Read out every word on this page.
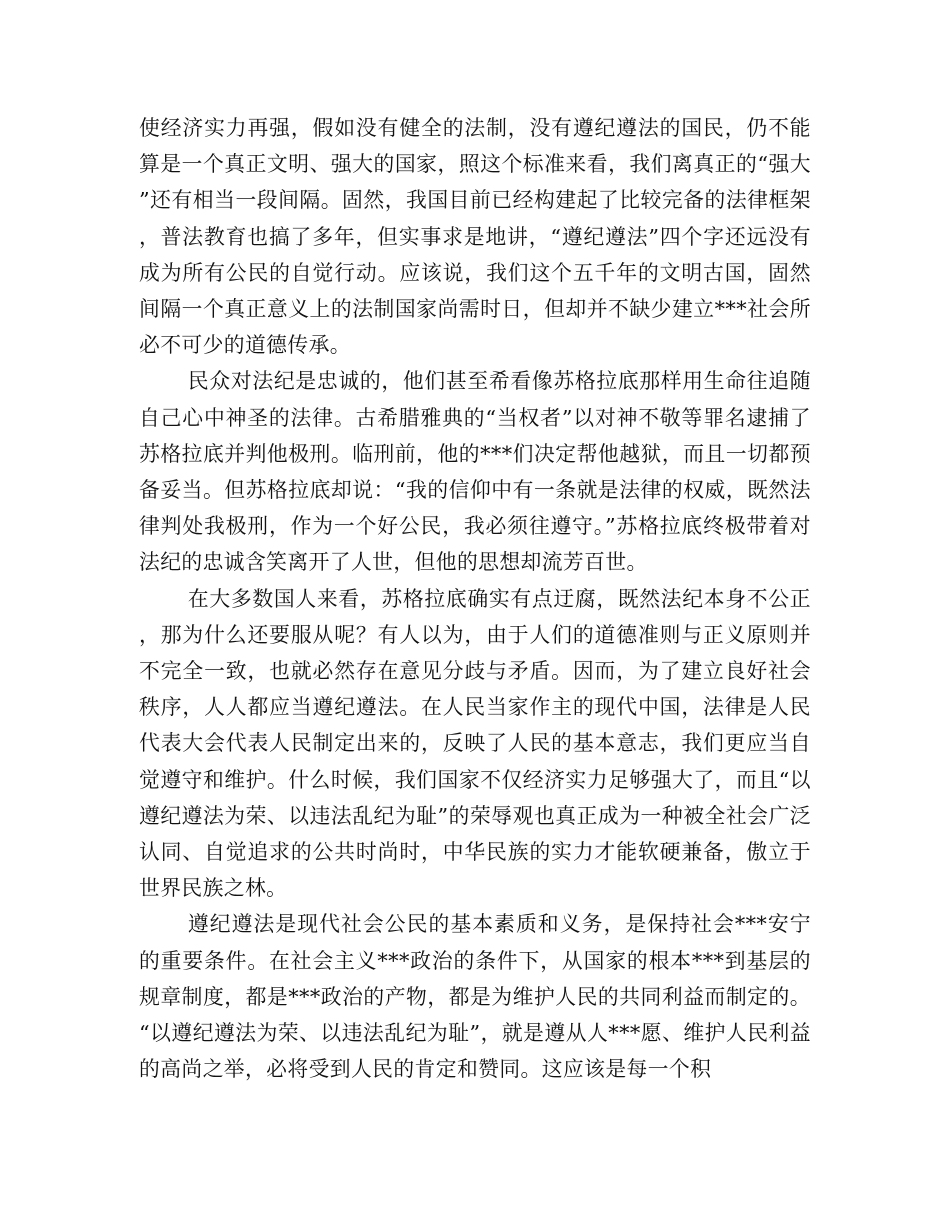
使经济实力再强，假如没有健全的法制，没有遵纪遵法的国民，仍不能算是一个真正文明、强大的国家，照这个标准来看，我们离真正的“强大”还有相当一段间隔。固然，我国目前已经构建起了比较完备的法律框架，普法教育也搞了多年，但实事求是地讲，“遵纪遵法”四个字还远没有成为所有公民的自觉行动。应该说，我们这个五千年的文明古国，固然间隔一个真正意义上的法制国家尚需时日，但却并不缺少建立***社会所必不可少的道德传承。

民众对法纪是忠诚的，他们甚至希看像苏格拉底那样用生命往追随自己心中神圣的法律。古希腊雅典的“当权者”以对神不敬等罪名逮捕了苏格拉底并判他极刑。临刑前，他的***们决定帮他越狱，而且一切都预备妥当。但苏格拉底却说：“我的信仰中有一条就是法律的权威，既然法律判处我极刑，作为一个好公民，我必须往遵守。”苏格拉底终极带着对法纪的忠诚含笑离开了人世，但他的思想却流芳百世。

在大多数国人来看，苏格拉底确实有点迂腐，既然法纪本身不公正，那为什么还要服从呢？有人以为，由于人们的道德准则与正义原则并不完全一致，也就必然存在意见分歧与矛盾。因而，为了建立良好社会秩序，人人都应当遵纪遵法。在人民当家作主的现代中国，法律是人民代表大会代表人民制定出来的，反映了人民的基本意志，我们更应当自觉遵守和维护。什么时候，我们国家不仅经济实力足够强大了，而且“以遵纪遵法为荣、以违法乱纪为耻”的荣辱观也真正成为一种被全社会广泛认同、自觉追求的公共时尚时，中华民族的实力才能软硬兼备，傲立于世界民族之林。

遵纪遵法是现代社会公民的基本素质和义务，是保持社会***安宁的重要条件。在社会主义***政治的条件下，从国家的根本***到基层的规章制度，都是***政治的产物，都是为维护人民的共同利益而制定的。“以遵纪遵法为荣、以违法乱纪为耻”，就是遵从人***愿、维护人民利益的高尚之举，必将受到人民的肯定和赞同。这应该是每一个积
